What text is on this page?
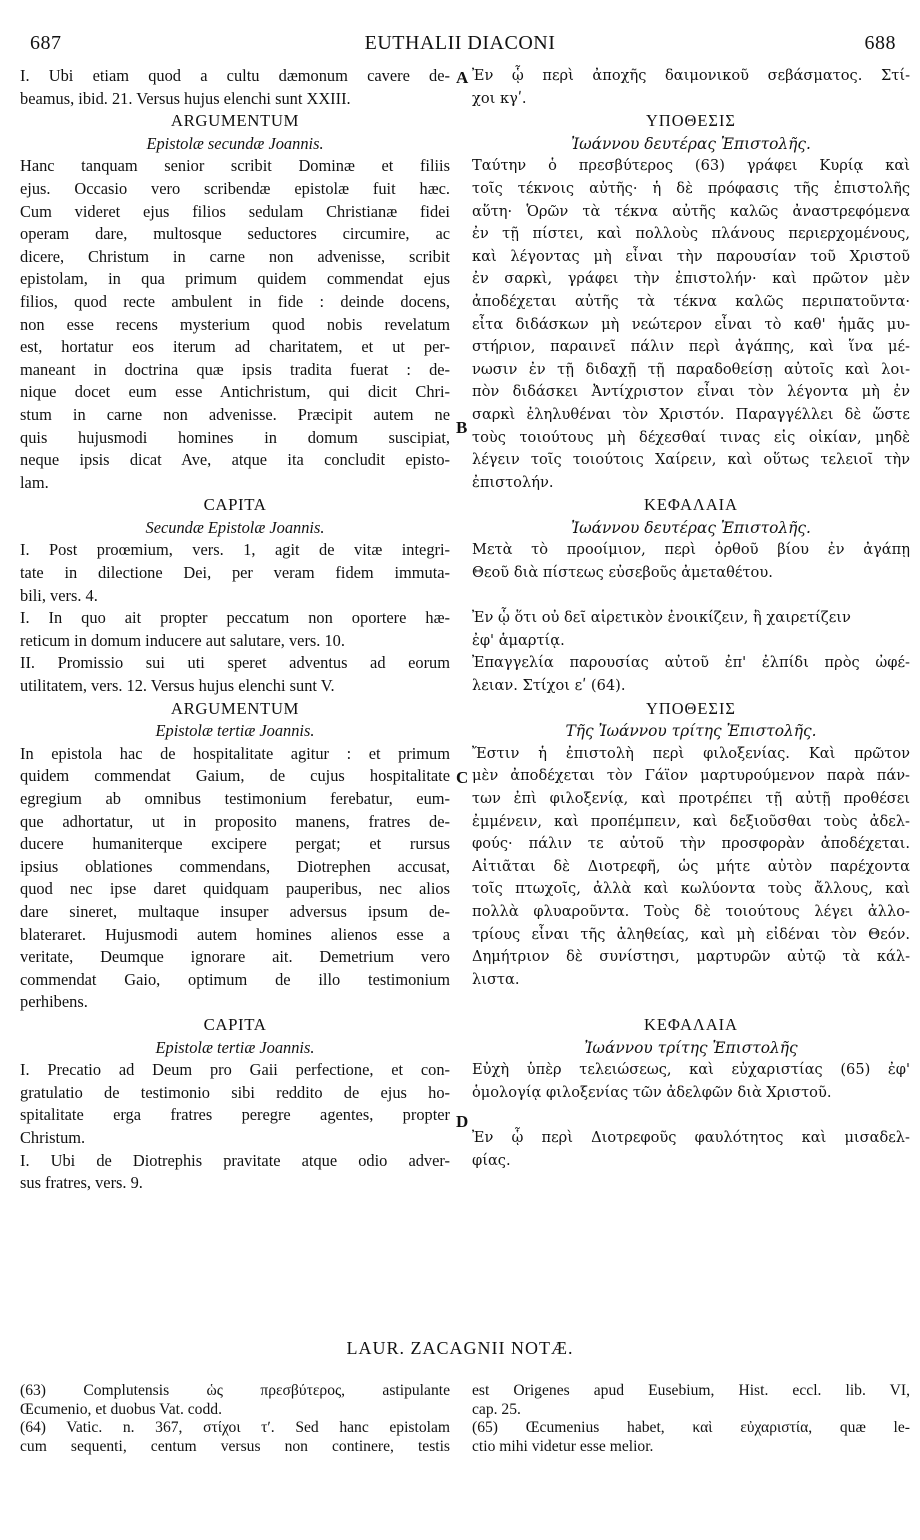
687	EUTHALII DIACONI	688
A
B
C
D
I. Ubi etiam quod a cultu dæmonum cavere de-
beamus, ibid. 21. Versus hujus elenchi sunt XXIII.
ARGUMENTUM
Epistolæ secundæ Joannis.
Hanc tanquam senior scribit Dominæ et filiis
ejus. Occasio vero scribendæ epistolæ fuit hæc.
Cum videret ejus filios sedulam Christianæ fidei
operam dare, multosque seductores circumire, ac
dicere, Christum in carne non advenisse, scribit
epistolam, in qua primum quidem commendat ejus
filios, quod recte ambulent in fide : deinde docens,
non esse recens mysterium quod nobis revelatum
est, hortatur eos iterum ad charitatem, et ut per-
maneant in doctrina quæ ipsis tradita fuerat : de-
nique docet eum esse Antichristum, qui dicit Chri-
stum in carne non advenisse. Præcipit autem ne
quis hujusmodi homines in domum suscipiat,
neque ipsis dicat Ave, atque ita concludit episto-
lam.
CAPITA
Secundæ Epistolæ Joannis.
I. Post proœmium, vers. 1, agit de vitæ integri-
tate in dilectione Dei, per veram fidem immuta-
bili, vers. 4.
I. In quo ait propter peccatum non oportere hæ-
reticum in domum inducere aut salutare, vers. 10.
II. Promissio sui uti speret adventus ad eorum
utilitatem, vers. 12. Versus hujus elenchi sunt V.
ARGUMENTUM
Epistolæ tertiæ Joannis.
In epistola hac de hospitalitate agitur : et primum
quidem commendat Gaium, de cujus hospitalitate
egregium ab omnibus testimonium ferebatur, eum-
que adhortatur, ut in proposito manens, fratres de-
ducere humaniterque excipere pergat; et rursus
ipsius oblationes commendans, Diotrephen accusat,
quod nec ipse daret quidquam pauperibus, nec alios
dare sineret, multaque insuper adversus ipsum de-
blateraret. Hujusmodi autem homines alienos esse a
veritate, Deumque ignorare ait. Demetrium vero
commendat Gaio, optimum de illo testimonium
perhibens.
CAPITA
Epistolæ tertiæ Joannis.
I. Precatio ad Deum pro Gaii perfectione, et con-
gratulatio de testimonio sibi reddito de ejus ho-
spitalitate erga fratres peregre agentes, propter
Christum.
I. Ubi de Diotrephis pravitate atque odio adver-
sus fratres, vers. 9.
Ἐν ᾧ περὶ ἀποχῆς δαιμονικοῦ σεβάσματος. Στί-
χοι κγʹ.
ΥΠΟΘΕΣΙΣ
Ἰωάννου δευτέρας Ἐπιστολῆς.
Ταύτην ὁ πρεσβύτερος (63) γράφει Κυρίᾳ καὶ
τοῖς τέκνοις αὐτῆς· ἡ δὲ πρόφασις τῆς ἐπιστολῆς
αὕτη· Ὁρῶν τὰ τέκνα αὐτῆς καλῶς ἀναστρεφόμενα
ἐν τῇ πίστει, καὶ πολλοὺς πλάνους περιερχομένους,
καὶ λέγοντας μὴ εἶναι τὴν παρουσίαν τοῦ Χριστοῦ
ἐν σαρκὶ, γράφει τὴν ἐπιστολήν· καὶ πρῶτον μὲν
ἀποδέχεται αὐτῆς τὰ τέκνα καλῶς περιπατοῦντα·
εἶτα διδάσκων μὴ νεώτερον εἶναι τὸ καθ' ἡμᾶς μυ-
στήριον, παραινεῖ πάλιν περὶ ἀγάπης, καὶ ἵνα μέ-
νωσιν ἐν τῇ διδαχῇ τῇ παραδοθείσῃ αὐτοῖς καὶ λοι-
πὸν διδάσκει Ἀντίχριστον εἶναι τὸν λέγοντα μὴ ἐν
σαρκὶ ἐληλυθέναι τὸν Χριστόν. Παραγγέλλει δὲ ὥστε
τοὺς τοιούτους μὴ δέχεσθαί τινας εἰς οἰκίαν, μηδὲ
λέγειν τοῖς τοιούτοις Χαίρειν, καὶ οὕτως τελειοῖ τὴν
ἐπιστολήν.
ΚΕΦΑΛΑΙΑ
Ἰωάννου δευτέρας Ἐπιστολῆς.
Μετὰ τὸ προοίμιον, περὶ ὀρθοῦ βίου ἐν ἀγάπῃ
Θεοῦ διὰ πίστεως εὐσεβοῦς ἀμεταθέτου.

Ἐν ᾧ ὅτι οὐ δεῖ αἱρετικὸν ἐνοικίζειν, ἢ χαιρετίζειν
ἐφ' ἁμαρτίᾳ.
Ἐπαγγελία παρουσίας αὐτοῦ ἐπ' ἐλπίδι πρὸς ὠφέ-
λειαν. Στίχοι εʹ (64).
ΥΠΟΘΕΣΙΣ
Τῆς Ἰωάννου τρίτης Ἐπιστολῆς.
Ἔστιν ἡ ἐπιστολὴ περὶ φιλοξενίας. Καὶ πρῶτον
μὲν ἀποδέχεται τὸν Γάϊον μαρτυρούμενον παρὰ πάν-
των ἐπὶ φιλοξενίᾳ, καὶ προτρέπει τῇ αὐτῇ προθέσει
ἐμμένειν, καὶ προπέμπειν, καὶ δεξιοῦσθαι τοὺς ἀδελ-
φούς· πάλιν τε αὐτοῦ τὴν προσφορὰν ἀποδέχεται.
Αἰτιᾶται δὲ Διοτρεφῆ, ὡς μήτε αὐτὸν παρέχοντα
τοῖς πτωχοῖς, ἀλλὰ καὶ κωλύοντα τοὺς ἄλλους, καὶ
πολλὰ φλυαροῦντα. Τοὺς δὲ τοιούτους λέγει ἀλλο-
τρίους εἶναι τῆς ἀληθείας, καὶ μὴ εἰδέναι τὸν Θεόν.
Δημήτριον δὲ συνίστησι, μαρτυρῶν αὐτῷ τὰ κάλ-
λιστα.

ΚΕΦΑΛΑΙΑ
Ἰωάννου τρίτης Ἐπιστολῆς
Εὐχὴ ὑπὲρ τελειώσεως, καὶ εὐχαριστίας (65) ἐφ'
ὁμολογίᾳ φιλοξενίας τῶν ἀδελφῶν διὰ Χριστοῦ.

Ἐν ᾧ περὶ Διοτρεφοῦς φαυλότητος καὶ μισαδελ-
φίας.
LAUR. ZACAGNII NOTÆ.
(63) Complutensis ὡς πρεσβύτερος, astipulante
Œcumenio, et duobus Vat. codd.
(64) Vatic. n. 367, στίχοι τʹ. Sed hanc epistolam
cum sequenti, centum versus non continere, testis
est Origenes apud Eusebium, Hist. eccl. lib. VI,
cap. 25.
(65) Œcumenius habet, καὶ εὐχαριστία, quæ le-
ctio mihi videtur esse melior.
